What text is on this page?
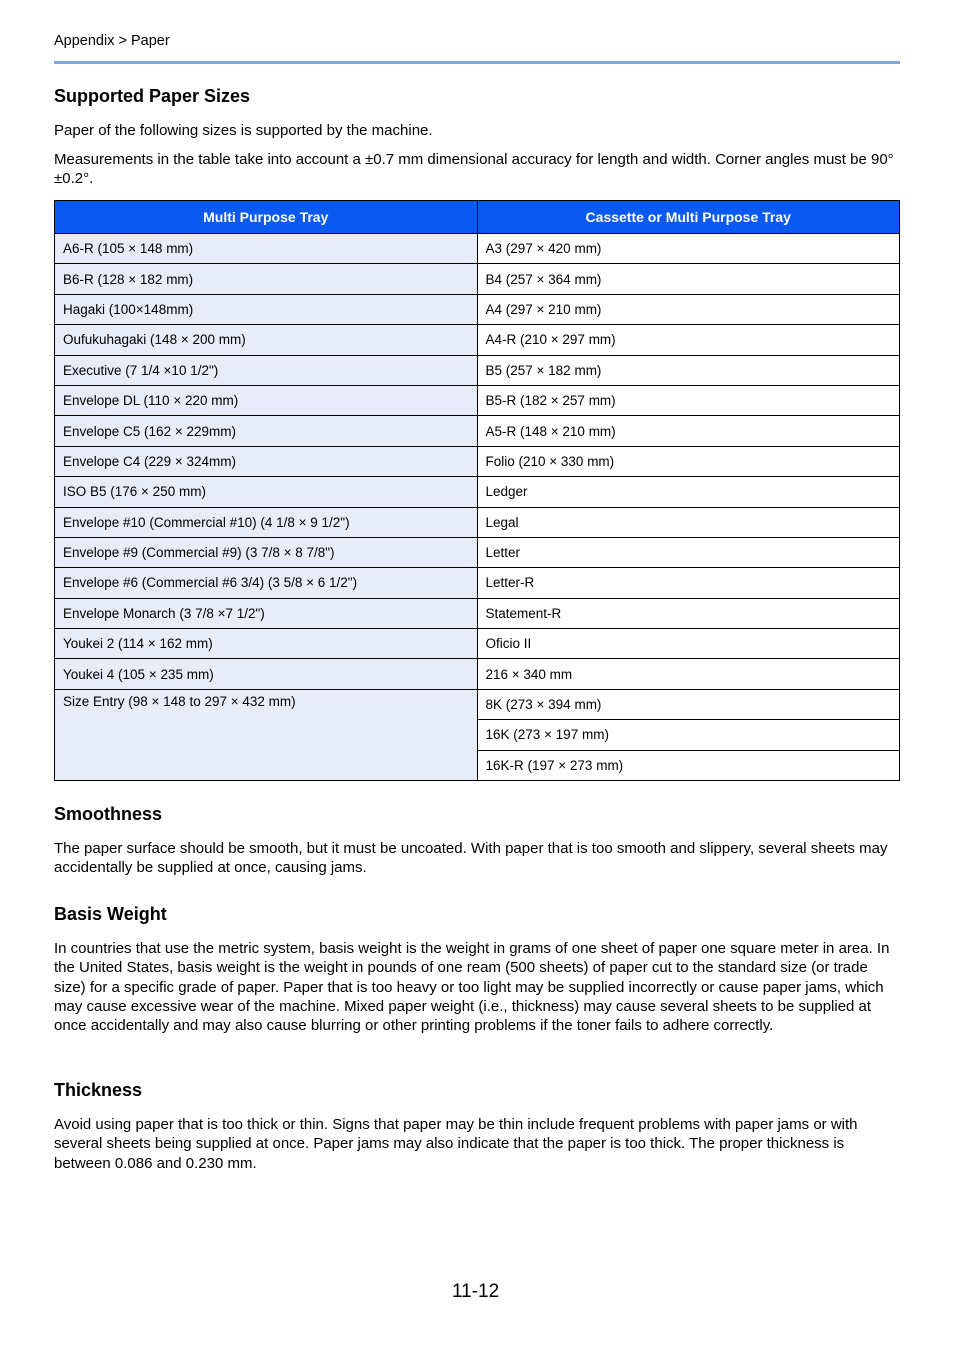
Appendix > Paper
Supported Paper Sizes

Paper of the following sizes is supported by the machine.

Measurements in the table take into account a ±0.7 mm dimensional accuracy for length and width. Corner angles must be 90°±0.2°.

Multi Purpose Tray	Cassette or Multi Purpose Tray
A6-R (105 × 148 mm)	A3 (297 × 420 mm)
B6-R (128 × 182 mm)	B4 (257 × 364 mm)
Hagaki (100×148mm)	A4 (297 × 210 mm)
Oufukuhagaki (148 × 200 mm)	A4-R (210 × 297 mm)
Executive (7 1/4 ×10 1/2")	B5 (257 × 182 mm)
Envelope DL (110 × 220 mm)	B5-R (182 × 257 mm)
Envelope C5 (162 × 229mm)	A5-R (148 × 210 mm)
Envelope C4 (229 × 324mm)	Folio (210 × 330 mm)
ISO B5 (176 × 250 mm)	Ledger
Envelope #10 (Commercial #10) (4 1/8 × 9 1/2")	Legal
Envelope #9 (Commercial #9) (3 7/8 × 8 7/8")	Letter
Envelope #6 (Commercial #6 3/4) (3 5/8 × 6 1/2")	Letter-R
Envelope Monarch (3 7/8 ×7 1/2")	Statement-R
Youkei 2 (114 × 162 mm)	Oficio II
Youkei 4 (105 × 235 mm)	216 × 340 mm
Size Entry (98 × 148 to 297 × 432 mm)	8K (273 × 394 mm)
	16K (273 × 197 mm)
	16K-R (197 × 273 mm)
Smoothness

The paper surface should be smooth, but it must be uncoated. With paper that is too smooth and slippery, several sheets may accidentally be supplied at once, causing jams.

Basis Weight

In countries that use the metric system, basis weight is the weight in grams of one sheet of paper one square meter in area. In the United States, basis weight is the weight in pounds of one ream (500 sheets) of paper cut to the standard size (or trade size) for a specific grade of paper. Paper that is too heavy or too light may be supplied incorrectly or cause paper jams, which may cause excessive wear of the machine. Mixed paper weight (i.e., thickness) may cause several sheets to be supplied at once accidentally and may also cause blurring or other printing problems if the toner fails to adhere correctly.

Thickness

Avoid using paper that is too thick or thin. Signs that paper may be thin include frequent problems with paper jams or with several sheets being supplied at once. Paper jams may also indicate that the paper is too thick. The proper thickness is between 0.086 and 0.230 mm.

11-12
